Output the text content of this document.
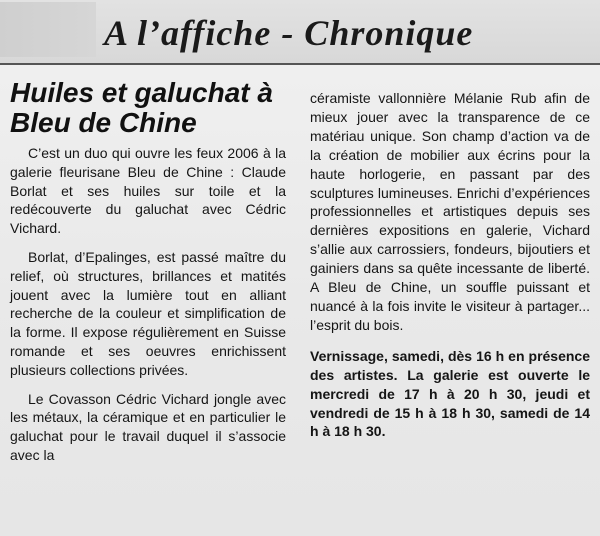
A l’affiche - Chronique
Huiles et galuchat à Bleu de Chine

C’est un duo qui ouvre les feux 2006 à la galerie fleurisane Bleu de Chine : Claude Borlat et ses huiles sur toile et la redécouverte du galuchat avec Cédric Vichard.

Borlat, d’Epalinges, est passé maître du relief, où structures, brillances et matités jouent avec la lumière tout en alliant recherche de la couleur et simplification de la forme. Il expose régulièrement en Suisse romande et ses oeuvres enrichissent plusieurs collections privées.

Le Covasson Cédric Vichard jongle avec les métaux, la céramique et en particulier le galuchat pour le travail duquel il s’associe avec la

céramiste vallonnière Mélanie Rub afin de mieux jouer avec la transparence de ce matériau unique. Son champ d’action va de la création de mobilier aux écrins pour la haute horlogerie, en passant par des sculptures lumineuses. Enrichi d’expériences professionnelles et artistiques depuis ses dernières expositions en galerie, Vichard s’allie aux carrossiers, fondeurs, bijoutiers et gainiers dans sa quête incessante de liberté. A Bleu de Chine, un souffle puissant et nuancé à la fois invite le visiteur à partager... l’esprit du bois.

Vernissage, samedi, dès 16 h en présence des artistes. La galerie est ouverte le mercredi de 17 h à 20 h 30, jeudi et vendredi de 15 h à 18 h 30, samedi de 14 h à 18 h 30.
